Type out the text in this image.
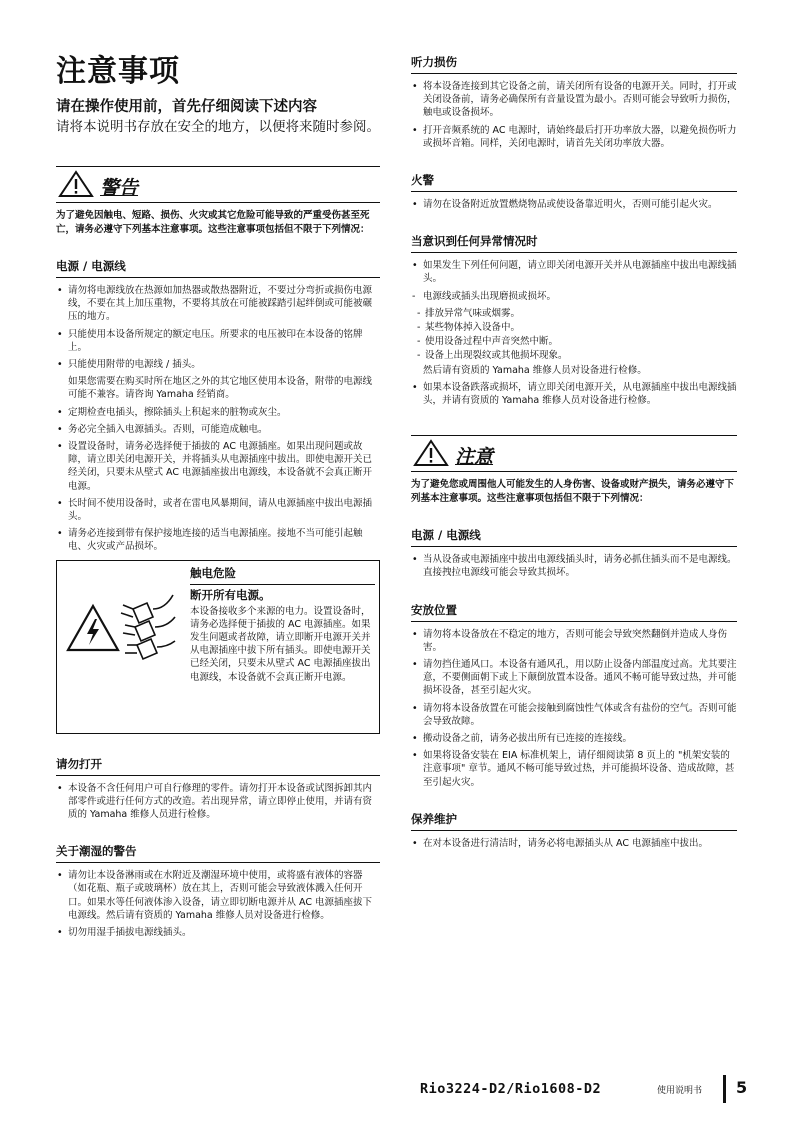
注意事项
请在操作使用前，首先仔细阅读下述内容
请将本说明书存放在安全的地方，以便将来随时参阅。
警告
为了避免因触电、短路、损伤、火灾或其它危险可能导致的严重受伤甚至死亡，请务必遵守下列基本注意事项。这些注意事项包括但不限于下列情况：
电源 / 电源线
• 请勿将电源线放在热源如加热器或散热器附近，不要过分弯折或损伤电源线，不要在其上加压重物，不要将其放在可能被踩踏引起绊倒或可能被碾压的地方。
• 只能使用本设备所规定的额定电压。所要求的电压被印在本设备的铭牌上。
• 只能使用附带的电源线 / 插头。
如果您需要在购买时所在地区之外的其它地区使用本设备，附带的电源线可能不兼容。请咨询 Yamaha 经销商。
• 定期检查电插头，擦除插头上积起来的脏物或灰尘。
• 务必完全插入电源插头。否则，可能造成触电。
• 设置设备时，请务必选择便于插拔的 AC 电源插座。如果出现问题或故障，请立即关闭电源开关，并将插头从电源插座中拔出。即使电源开关已经关闭，只要未从壁式 AC 电源插座拔出电源线，本设备就不会真正断开电源。
• 长时间不使用设备时，或者在雷电风暴期间，请从电源插座中拔出电源插头。
• 请务必连接到带有保护接地连接的适当电源插座。接地不当可能引起触电、火灾或产品损坏。
触电危险
断开所有电源。
本设备接收多个来源的电力。设置设备时，请务必选择便于插拔的 AC 电源插座。如果发生问题或者故障，请立即断开电源开关并从电源插座中拔下所有插头。即使电源开关已经关闭，只要未从壁式 AC 电源插座拔出电源线，本设备就不会真正断开电源。
请勿打开
• 本设备不含任何用户可自行修理的零件。请勿打开本设备或试图拆卸其内部零件或进行任何方式的改造。若出现异常，请立即停止使用，并请有资质的 Yamaha 维修人员进行检修。
关于潮湿的警告
• 请勿让本设备淋雨或在水附近及潮湿环境中使用，或将盛有液体的容器 （如花瓶、瓶子或玻璃杯）放在其上，否则可能会导致液体溅入任何开口。如果水等任何液体渗入设备，请立即切断电源并从 AC 电源插座拔下电源线。然后请有资质的 Yamaha 维修人员对设备进行检修。
• 切勿用湿手插拔电源线插头。
听力损伤
• 将本设备连接到其它设备之前，请关闭所有设备的电源开关。同时，打开或关闭设备前，请务必确保所有音量设置为最小。否则可能会导致听力损伤，触电或设备损坏。
• 打开音频系统的 AC 电源时，请始终最后打开功率放大器，以避免损伤听力或损坏音箱。同样，关闭电源时，请首先关闭功率放大器。
火警
• 请勿在设备附近放置燃烧物品或使设备靠近明火，否则可能引起火灾。
当意识到任何异常情况时
• 如果发生下列任何问题，请立即关闭电源开关并从电源插座中拔出电源线插头。
- 电源线或插头出现磨损或损坏。
- 排放异常气味或烟雾。
- 某些物体掉入设备中。
- 使用设备过程中声音突然中断。
- 设备上出现裂纹或其他损坏现象。
然后请有资质的 Yamaha 维修人员对设备进行检修。
• 如果本设备跌落或损坏，请立即关闭电源开关，从电源插座中拔出电源线插头，并请有资质的 Yamaha 维修人员对设备进行检修。
注意
为了避免您或周围他人可能发生的人身伤害、设备或财产损失，请务必遵守下列基本注意事项。这些注意事项包括但不限于下列情况：
电源 / 电源线
• 当从设备或电源插座中拔出电源线插头时，请务必抓住插头而不是电源线。直接拽拉电源线可能会导致其损坏。
安放位置
• 请勿将本设备放在不稳定的地方，否则可能会导致突然翻倒并造成人身伤害。
• 请勿挡住通风口。本设备有通风孔，用以防止设备内部温度过高。尤其要注意，不要侧面朝下或上下颠倒放置本设备。通风不畅可能导致过热，并可能损坏设备，甚至引起火灾。
• 请勿将本设备放置在可能会接触到腐蚀性气体或含有盐份的空气。否则可能会导致故障。
• 搬动设备之前，请务必拔出所有已连接的连接线。
• 如果将设备安装在 EIA 标准机架上，请仔细阅读第 8 页上的 "机架安装的注意事项" 章节。通风不畅可能导致过热，并可能损坏设备、造成故障，甚至引起火灾。
保养维护
• 在对本设备进行清洁时，请务必将电源插头从 AC 电源插座中拔出。
Rio3224-D2/Rio1608-D2	使用说明书 5
